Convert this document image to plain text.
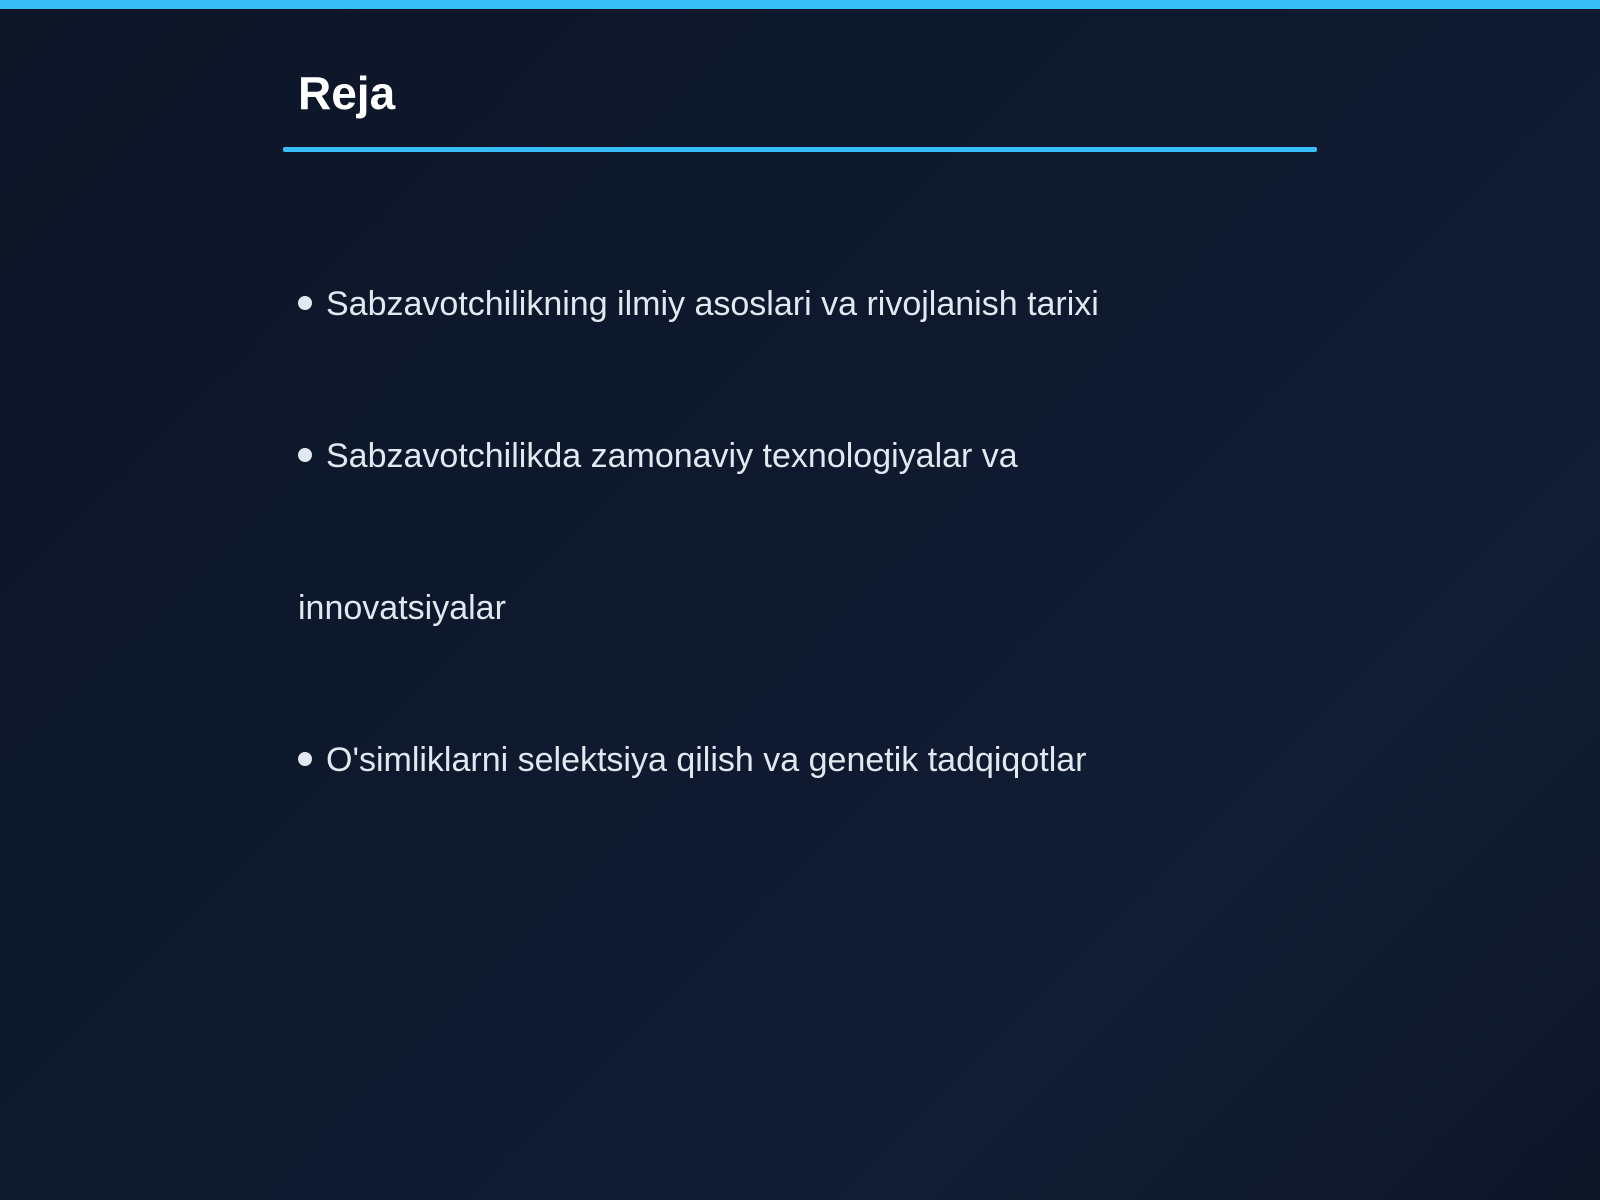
Reja

Sabzavotchilikning ilmiy asoslari va rivojlanish tarixi

Sabzavotchilikda zamonaviy texnologiyalar va

innovatsiyalar

O'simliklarni selektsiya qilish va genetik tadqiqotlar
